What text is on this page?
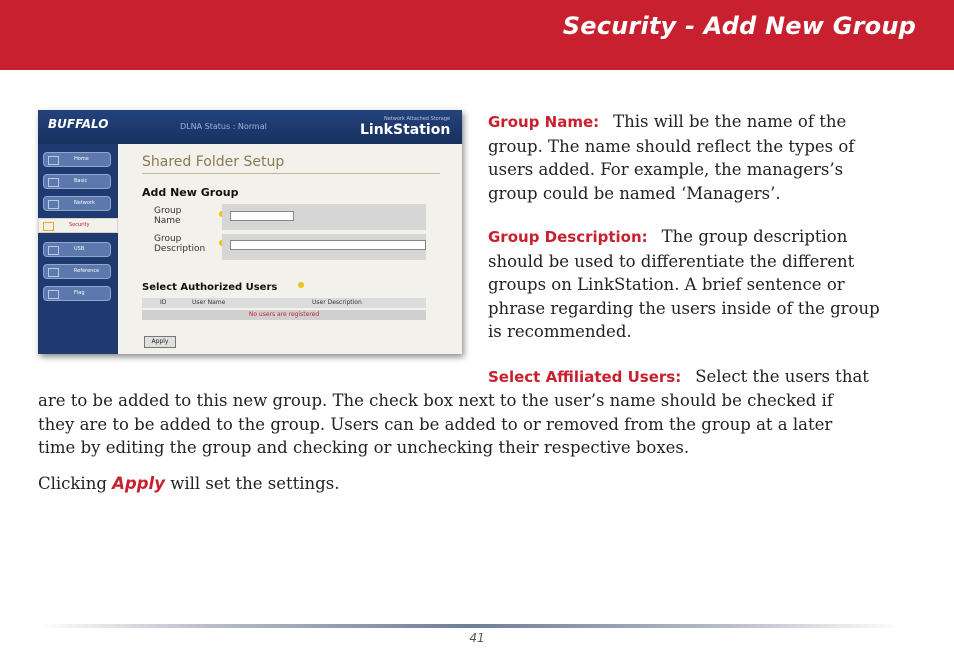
Security - Add New Group
BUFFALO	DLNA Status : Normal
Network Attached Storage
LinkStation
Home
Basic
Network
Security
USB
Reference
Flag
Shared Folder Setup
Add New Group
Group
Name
Group
Description
Select Authorized Users
ID	User Name	User Description
No users are registered
Apply
Group Name: This will be the name of the
group. The name should reflect the types of
users added. For example, the managers’s
group could be named ‘Managers’.
Group Description: The group description
should be used to differentiate the different
groups on LinkStation. A brief sentence or
phrase regarding the users inside of the group
is recommended.
Select Affiliated Users: Select the users that
are to be added to this new group. The check box next to the user’s name should be checked if
they are to be added to the group. Users can be added to or removed from the group at a later
time by editing the group and checking or unchecking their respective boxes.
Clicking Apply will set the settings.
41
